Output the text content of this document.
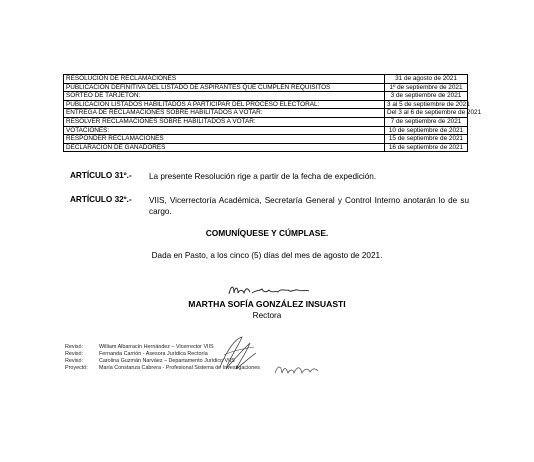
RESOLUCIÓN DE RECLAMACIONES	31 de agosto de 2021
PUBLICACIÓN DEFINITIVA DEL LISTADO DE ASPIRANTES QUE CUMPLEN REQUISITOS	1º de septiembre de 2021
SORTEO DE TARJETÓN:	3 de septiembre de 2021
PUBLICACIÓN LISTADOS HABILITADOS A PARTICIPAR DEL PROCESO ELECTORAL:	3 al 5 de septiembre de 2021
ENTREGA DE RECLAMACIONES SOBRE HABILITADOS A VOTAR:	Del 3 al 6 de septiembre de 2021
RESOLVER RECLAMACIONES SOBRE HABILITADOS A VOTAR:	7 de septiembre de 2021
VOTACIONES:	10 de septiembre de 2021
RESPONDER RECLAMACIONES	15 de septiembre de 2021
DECLARACIÓN DE GANADORES	16 de septiembre de 2021
ARTÍCULO 31º.- La presente Resolución rige a partir de la fecha de expedición.
ARTÍCULO 32º.- VIIS, Vicerrectoría Académica, Secretaría General y Control Interno anotarán lo de su cargo.
COMUNÍQUESE Y CÚMPLASE.
Dada en Pasto, a los cinco (5) días del mes de agosto de 2021.
MARTHA SOFÍA GONZÁLEZ INSUASTI
Rectora
Revisó:	William Albarracín Hernández – Vicerrector VIIS
Revisó:	Fernanda Carrión - Asesora Jurídica Rectoría
Revisó:	Carolina Guzmán Narváez – Departamento Jurídico VIIS
Proyectó: María Constanza Cabrera - Profesional Sistema de Investigaciones
